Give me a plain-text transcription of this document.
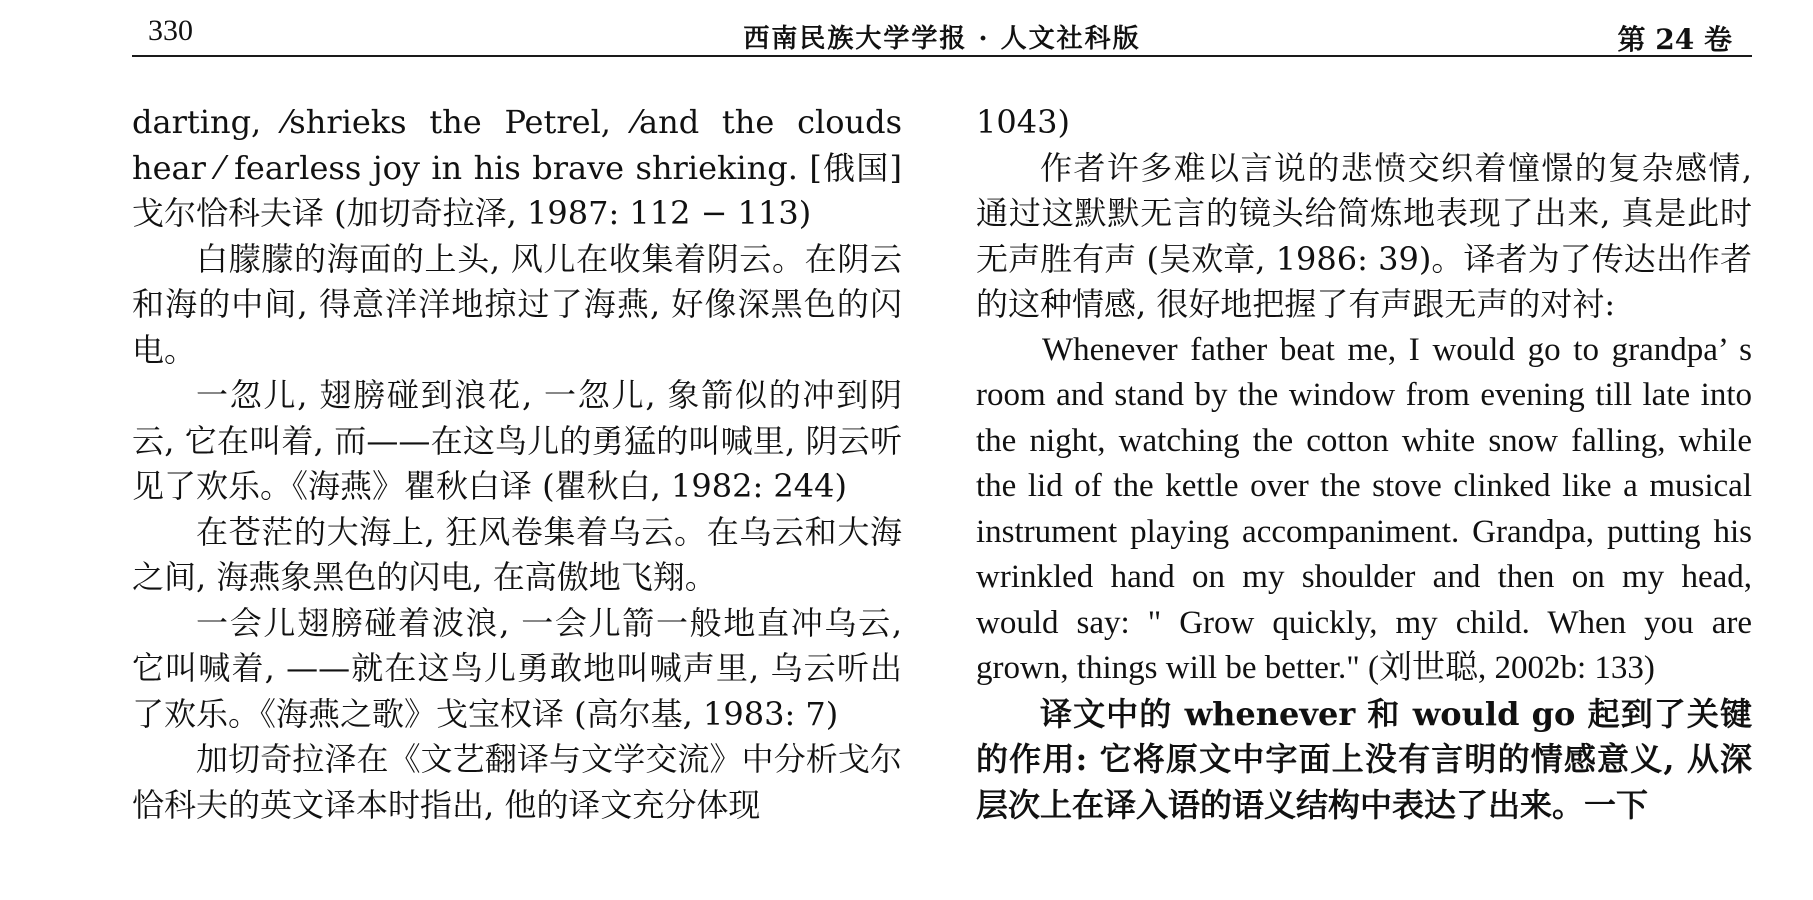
330	西南民族大学学报 · 人文社科版	第 24 卷

darting, ⁄shrieks the Petrel, ⁄and the clouds hear ⁄ fearless joy in his brave shrieking. [俄国] 戈尔恰科夫译 (加切奇拉泽, 1987: 112 − 113)

白朦朦的海面的上头, 风儿在收集着阴云。在阴云和海的中间, 得意洋洋地掠过了海燕, 好像深黑色的闪电。

一忽儿, 翅膀碰到浪花, 一忽儿, 象箭似的冲到阴云, 它在叫着, 而——在这鸟儿的勇猛的叫喊里, 阴云听见了欢乐。《海燕》瞿秋白译 (瞿秋白, 1982: 244)

在苍茫的大海上, 狂风卷集着乌云。在乌云和大海之间, 海燕象黑色的闪电, 在高傲地飞翔。

一会儿翅膀碰着波浪, 一会儿箭一般地直冲乌云, 它叫喊着, ——就在这鸟儿勇敢地叫喊声里, 乌云听出了欢乐。《海燕之歌》戈宝权译 (高尔基, 1983: 7)

加切奇拉泽在《文艺翻译与文学交流》中分析戈尔恰科夫的英文译本时指出, 他的译文充分体现

1043)

作者许多难以言说的悲愤交织着憧憬的复杂感情, 通过这默默无言的镜头给简炼地表现了出来, 真是此时无声胜有声 (吴欢章, 1986: 39)。译者为了传达出作者的这种情感, 很好地把握了有声跟无声的对衬:

Whenever father beat me, I would go to grandpa’ s room and stand by the window from evening till late into the night, watching the cotton white snow falling, while the lid of the kettle over the stove clinked like a musical instrument playing accompaniment. Grandpa, putting his wrinkled hand on my shoulder and then on my head, would say: " Grow quickly, my child. When you are grown, things will be better." (刘世聪, 2002b: 133)

译文中的 whenever 和 would go 起到了关键的作用: 它将原文中字面上没有言明的情感意义, 从深层次上在译入语的语义结构中表达了出来。一下
